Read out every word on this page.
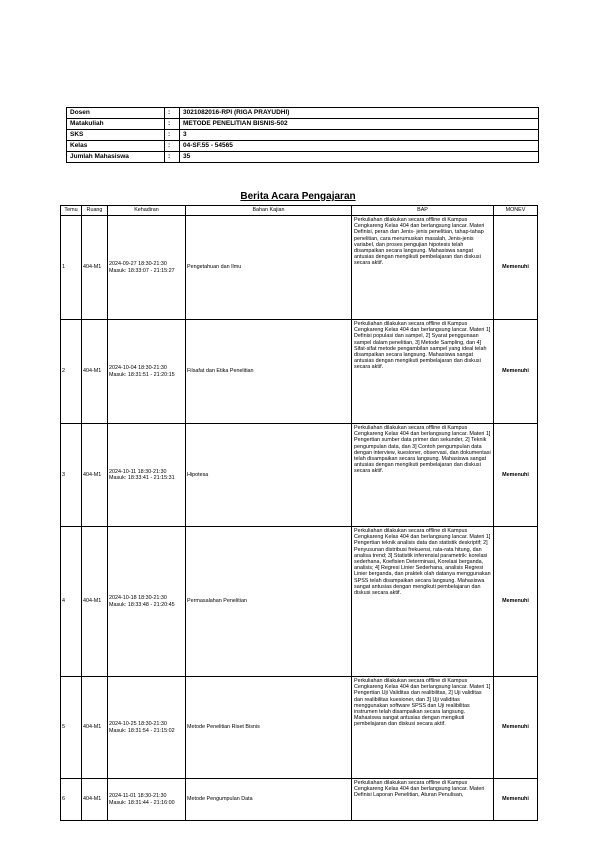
Dosen	:	3021082016-RPI (RIGA PRAYUDHI)
Matakuliah	:	METODE PENELITIAN BISNIS-502
SKS	:	3
Kelas	:	04-SF.55 - 54565
Jumlah Mahasiswa	:	35
Berita Acara Pengajaran
Temu	Ruang	Kehadiran	Bahan Kajian	BAP	MONEV
1	404-M1	2024-09-27 18:30-21:30 Masuk: 18:33:07 - 21:15:27	Pengetahuan dan Ilmu	Perkuliahan dilakukan secara offline di Kampus Cengkareng Kelas 404 dan berlangsung lancar. Materi Definisi, peran dan Jenis- jenis penelitian, tahap-tahap penelitian, cara merumuskan masalah, Jenis-jenis variabel, dan proses pengujian hipotesis telah disampaikan secara langsung. Mahasiswa sangat antusias dengan mengikuti pembelajaran dan diskusi secara aktif.	Memenuhi
2	404-M1	2024-10-04 18:30-21:30 Masuk: 18:31:51 - 21:20:15	Filsafat dan Etika Penelitian	Perkuliahan dilakukan secara offline di Kampus Cengkareng Kelas 404 dan berlangsung lancar. Materi 1] Definisi populasi dan sampel, 2] Syarat penggunaan sampel dalam penelitian, 3] Metode Sampling, dan 4] Sifat-sifat metode pengambilan sampel yang ideal telah disampaikan secara langsung. Mahasiswa sangat antusias dengan mengikuti pembelajaran dan diskusi secara aktif.	Memenuhi
3	404-M1	2024-10-11 18:30-21:30 Masuk: 18:33:41 - 21:15:31	Hipotesa	Perkuliahan dilakukan secara offline di Kampus Cengkareng Kelas 404 dan berlangsung lancar. Materi 1] Pengertian sumber data primer dan sekunder, 2] Teknik pengumpulan data, dan 3] Contoh pengumpulan data dengan interview, kuesioner, observasi, dan dokumentasi telah disampaikan secara langsung. Mahasiswa sangat antusias dengan mengikuti pembelajaran dan diskusi secara aktif.	Memenuhi
4	404-M1	2024-10-18 18:30-21:30 Masuk: 18:33:48 - 21:20:45	Permasalahan Penelitian	Perkuliahan dilakukan secara offline di Kampus Cengkareng Kelas 404 dan berlangsung lancar. Materi 1] Pengertian teknik analisis data dan statistik deskriptif; 2] Penyusunan distribusi frekuensi, rata-rata hitung, dan analisa trend; 3] Statistik inferensial parametrik: korelasi sederhana, Koefisien Determinasi, Korelasi berganda, analisis; 4] Regresi Linier Sederhana, analisis Regresi Linier berganda, dan praktek olah datanya menggunakan SPSS telah disampaikan secara langsung. Mahasiswa sangat antusias dengan mengikuti pembelajaran dan diskusi secara aktif.	Memenuhi
5	404-M1	2024-10-25 18:30-21:30 Masuk: 18:31:54 - 21:15:02	Metode Penelitian Riset Bisnis	Perkuliahan dilakukan secara offline di Kampus Cengkareng Kelas 404 dan berlangsung lancar. Materi 1] Pengertian Uji Validitas dan realibilitas, 2] Uji validitas dan realibilitas kuesioner, dan 3] Uji validitas menggunakan software SPSS dan Uji realibilitas instrumen telah disampaikan secara langsung. Mahasiswa sangat antusias dengan mengikuti pembelajaran dan diskusi secara aktif.	Memenuhi
6	404-M1	2024-11-01 18:30-21:30 Masuk: 18:31:44 - 21:16:00	Metode Pengumpulan Data	Perkuliahan dilakukan secara offline di Kampus Cengkareng Kelas 404 dan berlangsung lancar. Materi Definisi Laporan Penelitian, Aturan Penulisan,	Memenuhi
